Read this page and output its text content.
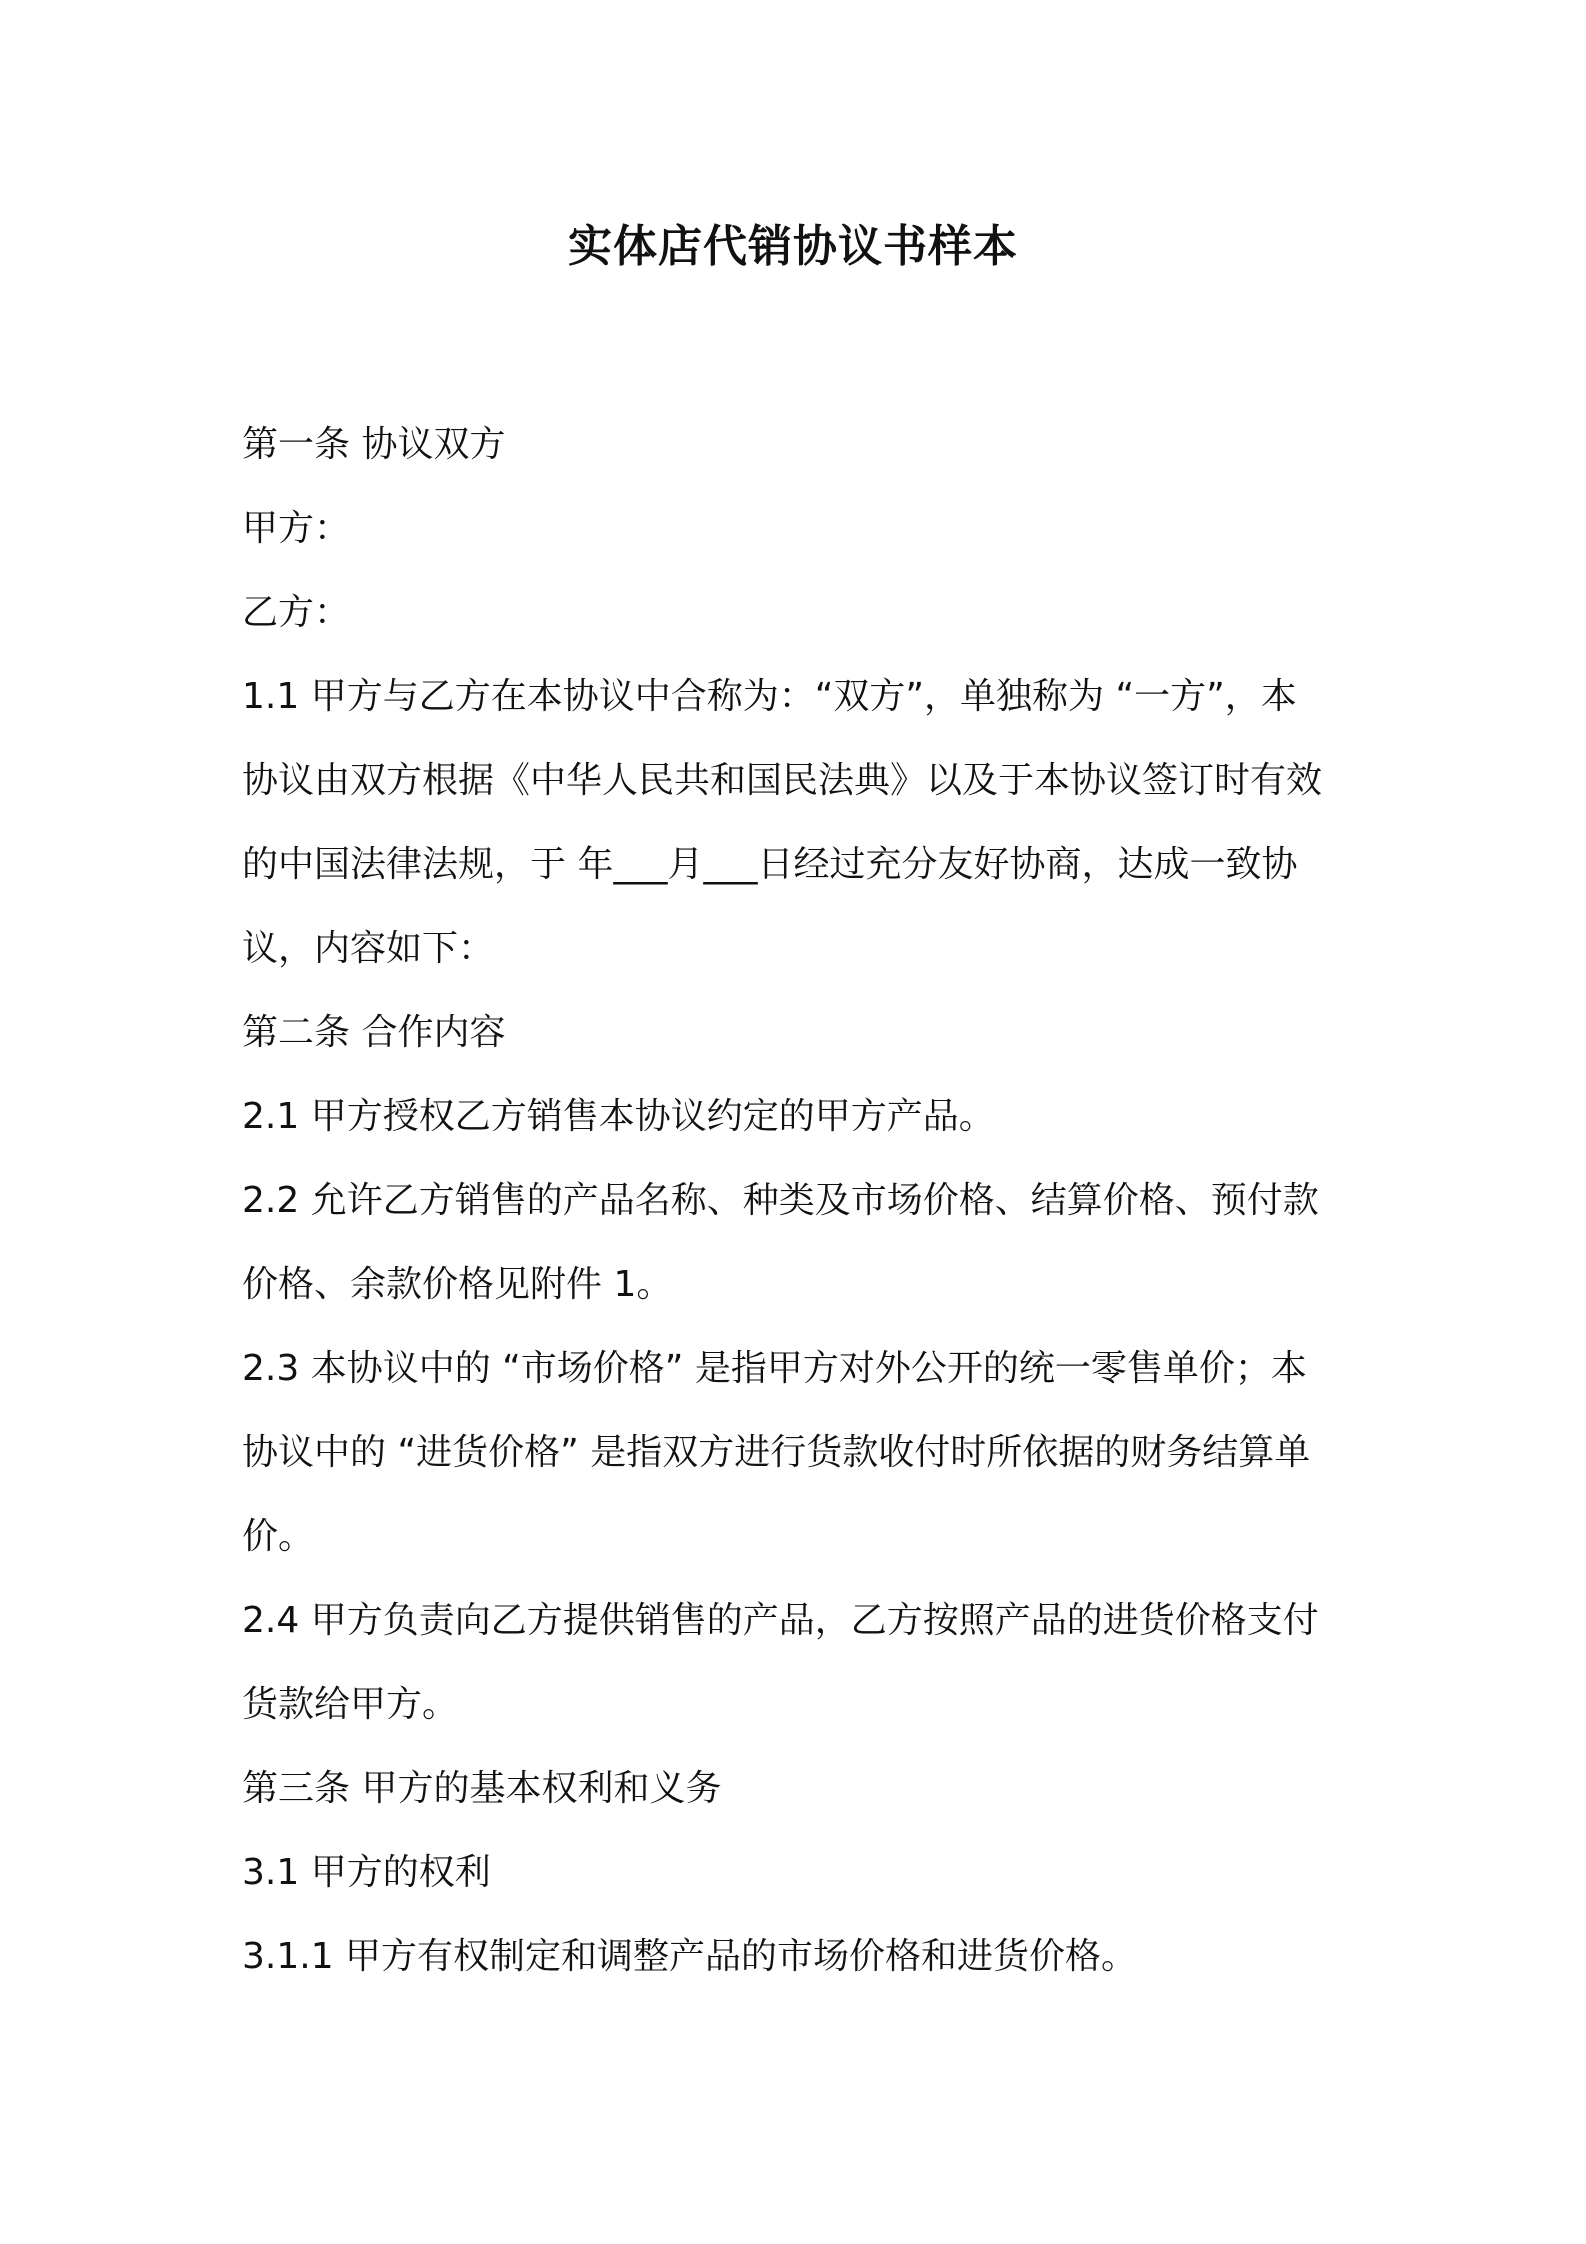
实体店代销协议书样本

第一条 协议双方

甲方：

乙方：

1.1 甲方与乙方在本协议中合称为：“双方”，单独称为 “一方”，本

协议由双方根据《中华人民共和国民法典》以及于本协议签订时有效

的中国法律法规，于 年___月___日经过充分友好协商，达成一致协

议，内容如下：

第二条 合作内容

2.1 甲方授权乙方销售本协议约定的甲方产品。

2.2 允许乙方销售的产品名称、种类及市场价格、结算价格、预付款

价格、余款价格见附件 1。

2.3 本协议中的 “市场价格” 是指甲方对外公开的统一零售单价；本

协议中的 “进货价格” 是指双方进行货款收付时所依据的财务结算单

价。

2.4 甲方负责向乙方提供销售的产品，乙方按照产品的进货价格支付

货款给甲方。

第三条 甲方的基本权利和义务

3.1 甲方的权利

3.1.1 甲方有权制定和调整产品的市场价格和进货价格。
